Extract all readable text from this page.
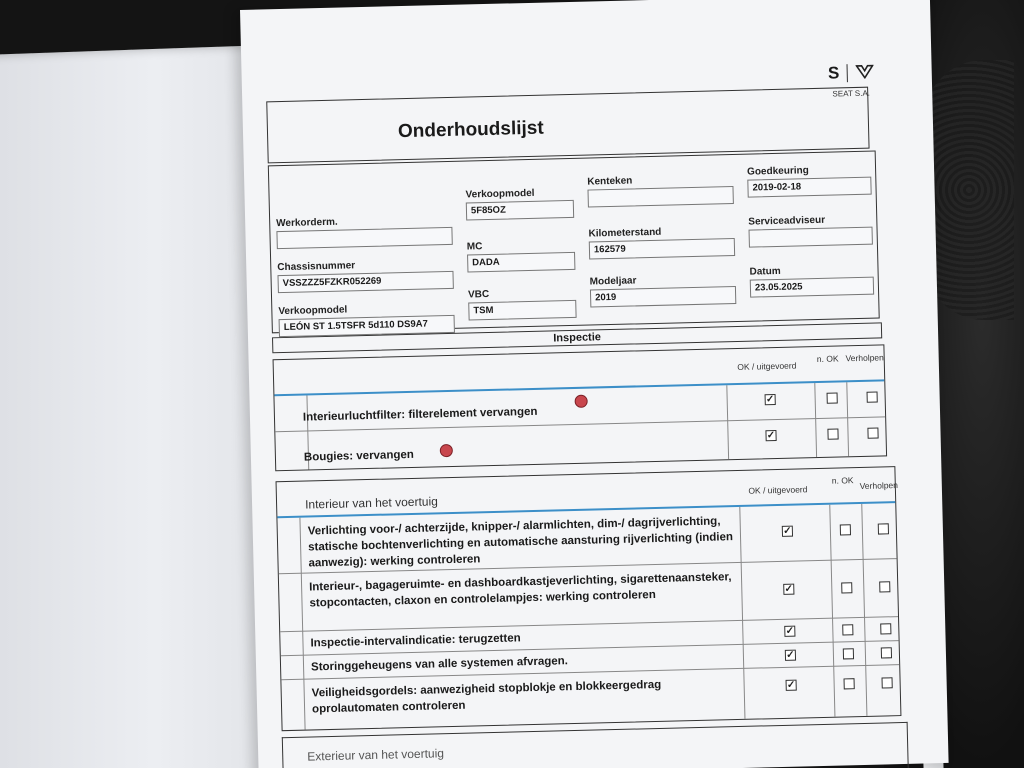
S
SEAT S.A.
Onderhoudslijst
Werkorderm.
Chassisnummer
VSSZZZ5FZKR052269
Verkoopmodel
LEÓN ST 1.5TSFR 5d110 DS9A7
Verkoopmodel
5F85OZ
MC
DADA
VBC
TSM
Kenteken
Kilometerstand
162579
Modeljaar
2019
Goedkeuring
2019-02-18
Serviceadviseur
Datum
23.05.2025
Inspectie
OK / uitgevoerd
n. OK Verholpen
Interieurluchtfilter: filterelement vervangen
✓
Bougies: vervangen
✓
Interieur van het voertuig
OK / uitgevoerd
n. OK Verholpen
Verlichting voor-/ achterzijde, knipper-/ alarmlichten, dim-/ dagrijverlichting, statische bochtenverlichting en automatische aansturing rijverlichting (indien aanwezig): werking controleren
✓
Interieur-, bagageruimte- en dashboardkastjeverlichting, sigarettenaansteker, stopcontacten, claxon en controlelampjes: werking controleren	✓
Inspectie-intervalindicatie: terugzetten
✓
Storinggeheugens van alle systemen afvragen.	✓
Veiligheidsgordels: aanwezigheid stopblokje en blokkeergedrag oprolautomaten controleren
✓
Exterieur van het voertuig
